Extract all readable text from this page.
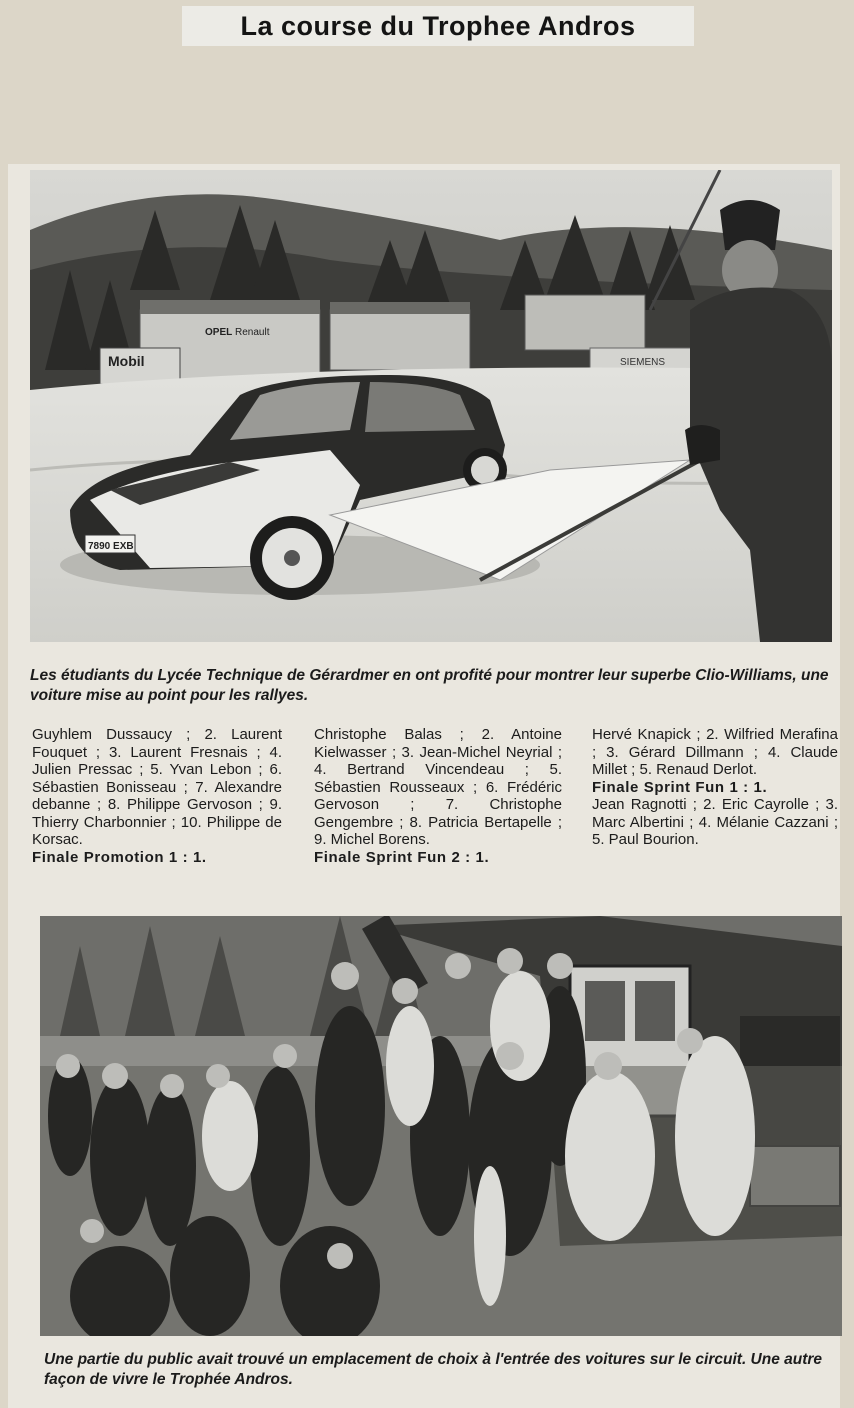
La course du Trophee Andros
Mobil
OPEL Renault
SIEMENS
7890 EXB

Les étudiants du Lycée Technique de Gérardmer en ont profité pour montrer leur superbe Clio-Williams, une voiture mise au point pour les rallyes.

Guyhlem Dussaucy ; 2. Laurent Fouquet ; 3. Laurent Fresnais ; 4. Julien Pressac ; 5. Yvan Lebon ; 6. Sébastien Bonisseau ; 7. Alexandre debanne ; 8. Philippe Gervoson ; 9. Thierry Charbonnier ; 10. Philippe de Korsac.

Finale Promotion 1 : 1.

Christophe Balas ; 2. Antoine Kielwasser ; 3. Jean-Michel Neyrial ; 4. Bertrand Vincendeau ; 5. Sébastien Rousseaux ; 6. Frédéric Gervoson ; 7. Christophe Gengembre ; 8. Patricia Bertapelle ; 9. Michel Borens.

Finale Sprint Fun 2 : 1.

Hervé Knapick ; 2. Wilfried Merafina ; 3. Gérard Dillmann ; 4. Claude Millet ; 5. Renaud Derlot.

Finale Sprint Fun 1 : 1.

Jean Ragnotti ; 2. Eric Cayrolle ; 3. Marc Albertini ; 4. Mélanie Cazzani ; 5. Paul Bourion.

Une partie du public avait trouvé un emplacement de choix à l'entrée des voitures sur le circuit. Une autre façon de vivre le Trophée Andros.
